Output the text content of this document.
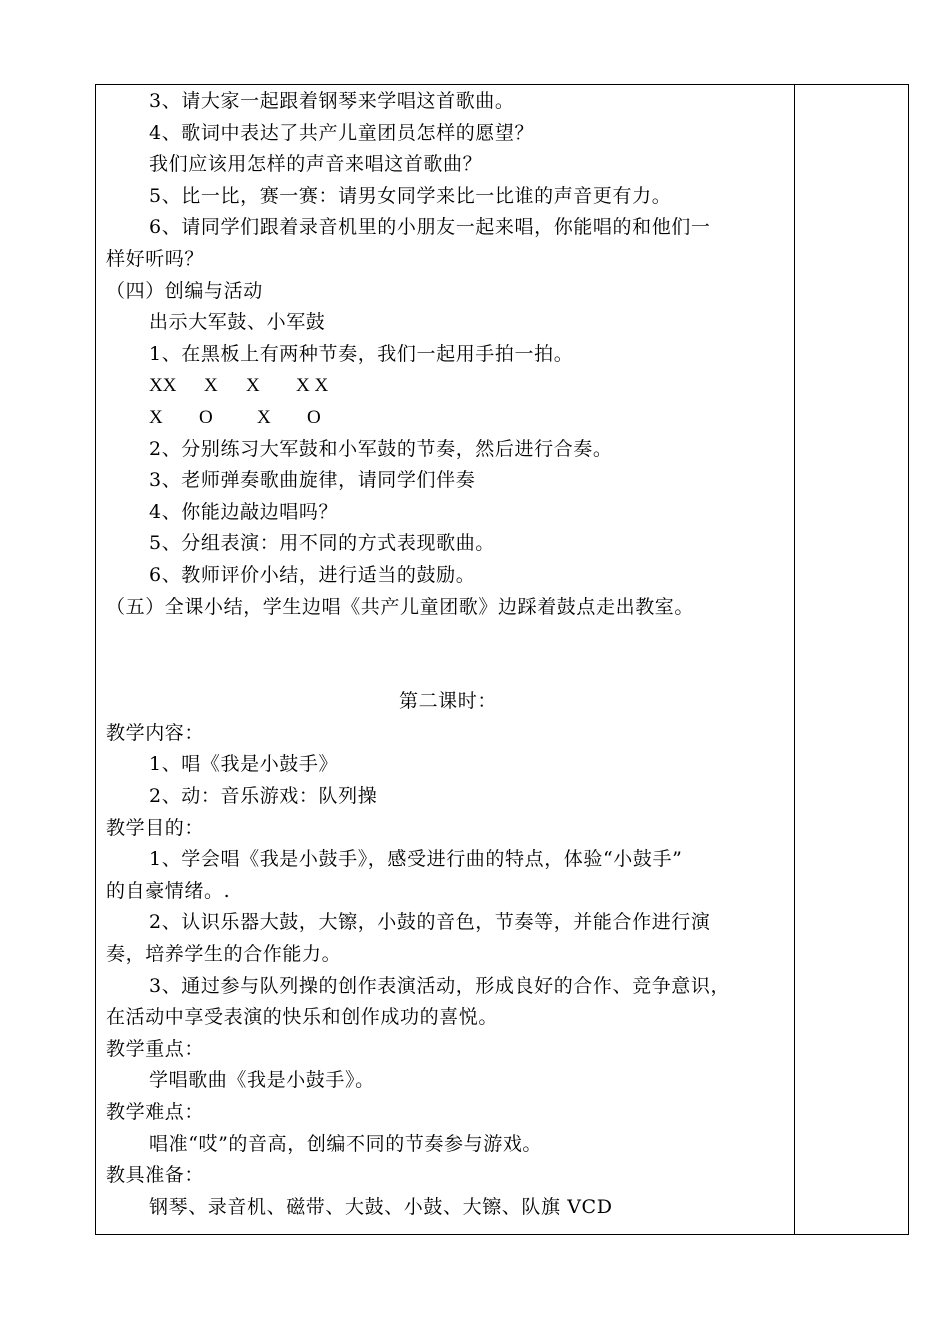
3、请大家一起跟着钢琴来学唱这首歌曲。
4、歌词中表达了共产儿童团员怎样的愿望？
我们应该用怎样的声音来唱这首歌曲？
5、比一比，赛一赛：请男女同学来比一比谁的声音更有力。
6、请同学们跟着录音机里的小朋友一起来唱，你能唱的和他们一
样好听吗？
（四）创编与活动
出示大军鼓、小军鼓
1、在黑板上有两种节奏，我们一起用手拍一拍。
XX X X X X
X O X O
2、分别练习大军鼓和小军鼓的节奏，然后进行合奏。
3、老师弹奏歌曲旋律，请同学们伴奏
4、你能边敲边唱吗？
5、分组表演：用不同的方式表现歌曲。
6、教师评价小结，进行适当的鼓励。
（五）全课小结，学生边唱《共产儿童团歌》边踩着鼓点走出教室。
第二课时：
教学内容：
1、唱《我是小鼓手》
2、动：音乐游戏：队列操
教学目的：
1、学会唱《我是小鼓手》，感受进行曲的特点，体验“小鼓手”
的自豪情绪。.
2、认识乐器大鼓，大镲，小鼓的音色，节奏等，并能合作进行演
奏，培养学生的合作能力。
3、通过参与队列操的创作表演活动，形成良好的合作、竞争意识，
在活动中享受表演的快乐和创作成功的喜悦。
教学重点：
学唱歌曲《我是小鼓手》。
教学难点：
唱准“哎”的音高，创编不同的节奏参与游戏。
教具准备：
钢琴、录音机、磁带、大鼓、小鼓、大镲、队旗 VCD
